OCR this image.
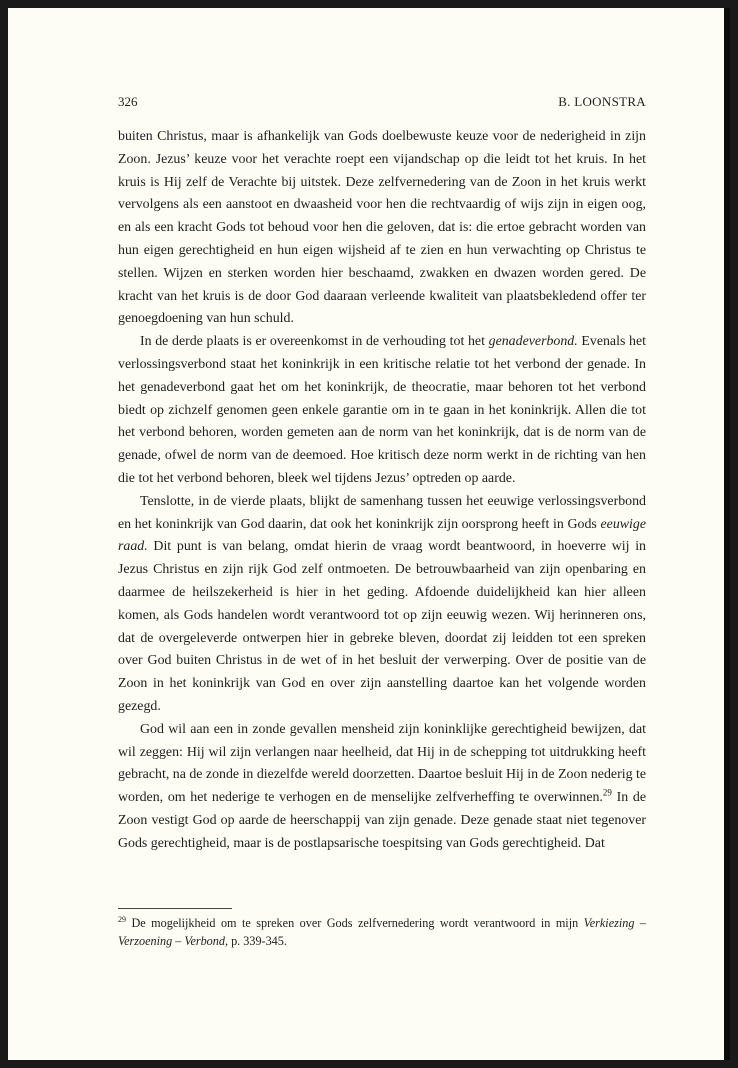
326	B. LOONSTRA

buiten Christus, maar is afhankelijk van Gods doelbewuste keuze voor de nederigheid in zijn Zoon. Jezus’ keuze voor het verachte roept een vijandschap op die leidt tot het kruis. In het kruis is Hij zelf de Verachte bij uitstek. Deze zelfvernedering van de Zoon in het kruis werkt vervolgens als een aanstoot en dwaasheid voor hen die rechtvaardig of wijs zijn in eigen oog, en als een kracht Gods tot behoud voor hen die geloven, dat is: die ertoe gebracht worden van hun eigen gerechtigheid en hun eigen wijsheid af te zien en hun verwachting op Christus te stellen. Wijzen en sterken worden hier beschaamd, zwakken en dwazen worden gered. De kracht van het kruis is de door God daaraan verleende kwaliteit van plaatsbekledend offer ter genoegdoening van hun schuld.

In de derde plaats is er overeenkomst in de verhouding tot het genadeverbond. Evenals het verlossingsverbond staat het koninkrijk in een kritische relatie tot het verbond der genade. In het genadeverbond gaat het om het koninkrijk, de theocratie, maar behoren tot het verbond biedt op zichzelf genomen geen enkele garantie om in te gaan in het koninkrijk. Allen die tot het verbond behoren, worden gemeten aan de norm van het koninkrijk, dat is de norm van de genade, ofwel de norm van de deemoed. Hoe kritisch deze norm werkt in de richting van hen die tot het verbond behoren, bleek wel tijdens Jezus’ optreden op aarde.

Tenslotte, in de vierde plaats, blijkt de samenhang tussen het eeuwige verlossingsverbond en het koninkrijk van God daarin, dat ook het koninkrijk zijn oorsprong heeft in Gods eeuwige raad. Dit punt is van belang, omdat hierin de vraag wordt beantwoord, in hoeverre wij in Jezus Christus en zijn rijk God zelf ontmoeten. De betrouwbaarheid van zijn openbaring en daarmee de heilszekerheid is hier in het geding. Afdoende duidelijkheid kan hier alleen komen, als Gods handelen wordt verantwoord tot op zijn eeuwig wezen. Wij herinneren ons, dat de overgeleverde ontwerpen hier in gebreke bleven, doordat zij leidden tot een spreken over God buiten Christus in de wet of in het besluit der verwerping. Over de positie van de Zoon in het koninkrijk van God en over zijn aanstelling daartoe kan het volgende worden gezegd.

God wil aan een in zonde gevallen mensheid zijn koninklijke gerechtigheid bewijzen, dat wil zeggen: Hij wil zijn verlangen naar heelheid, dat Hij in de schepping tot uitdrukking heeft gebracht, na de zonde in diezelfde wereld doorzetten. Daartoe besluit Hij in de Zoon nederig te worden, om het nederige te verhogen en de menselijke zelfverheffing te overwinnen.$^{29}$ In de Zoon vestigt God op aarde de heerschappij van zijn genade. Deze genade staat niet tegenover Gods gerechtigheid, maar is de postlapsarische toespitsing van Gods gerechtigheid. Dat

$^{29}$ De mogelijkheid om te spreken over Gods zelfvernedering wordt verantwoord in mijn Verkiezing – Verzoening – Verbond, p. 339-345.
